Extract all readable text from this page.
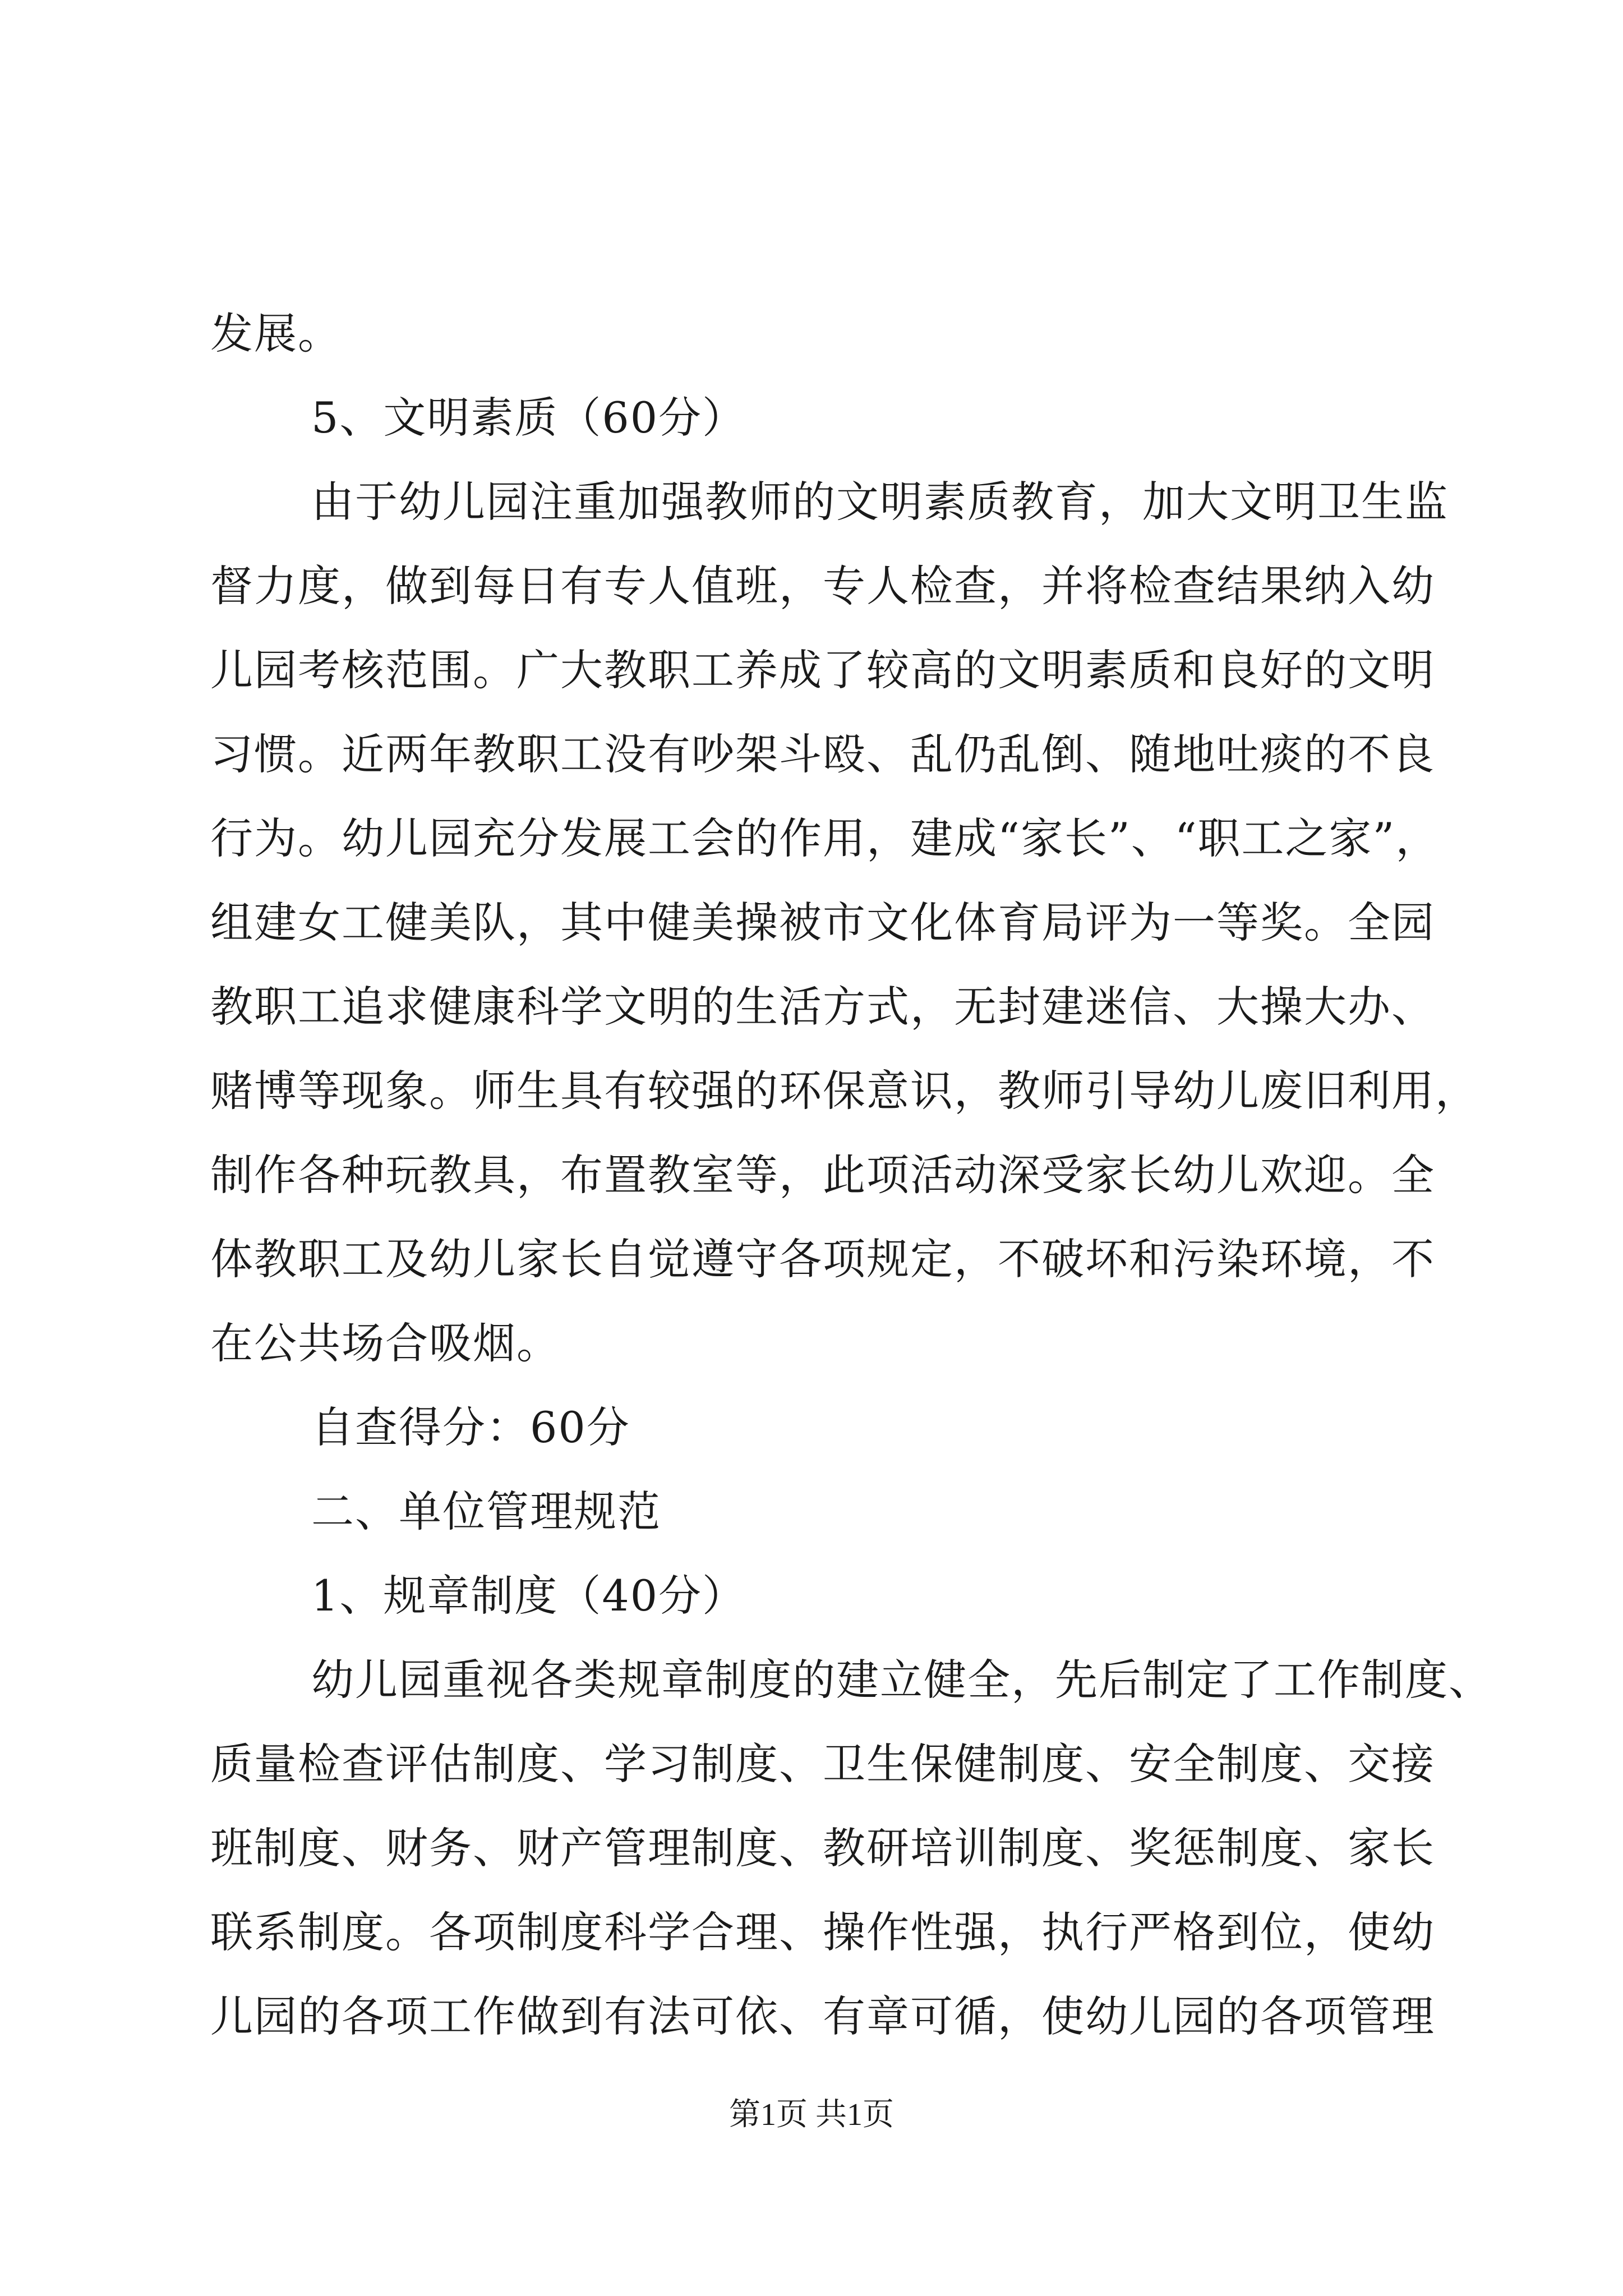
发展。
5、文明素质（60分）
由于幼儿园注重加强教师的文明素质教育，加大文明卫生监
督力度，做到每日有专人值班，专人检查，并将检查结果纳入幼
儿园考核范围。广大教职工养成了较高的文明素质和良好的文明
习惯。近两年教职工没有吵架斗殴、乱仍乱倒、随地吐痰的不良
行为。幼儿园充分发展工会的作用，建成“家长”、“职工之家”，
组建女工健美队，其中健美操被市文化体育局评为一等奖。全园
教职工追求健康科学文明的生活方式，无封建迷信、大操大办、
赌博等现象。师生具有较强的环保意识，教师引导幼儿废旧利用，
制作各种玩教具，布置教室等，此项活动深受家长幼儿欢迎。全
体教职工及幼儿家长自觉遵守各项规定，不破坏和污染环境，不
在公共场合吸烟。
自查得分：60分
二、单位管理规范
1、规章制度（40分）
幼儿园重视各类规章制度的建立健全，先后制定了工作制度、
质量检查评估制度、学习制度、卫生保健制度、安全制度、交接
班制度、财务、财产管理制度、教研培训制度、奖惩制度、家长
联系制度。各项制度科学合理、操作性强，执行严格到位，使幼
儿园的各项工作做到有法可依、有章可循，使幼儿园的各项管理
第1页 共1页
